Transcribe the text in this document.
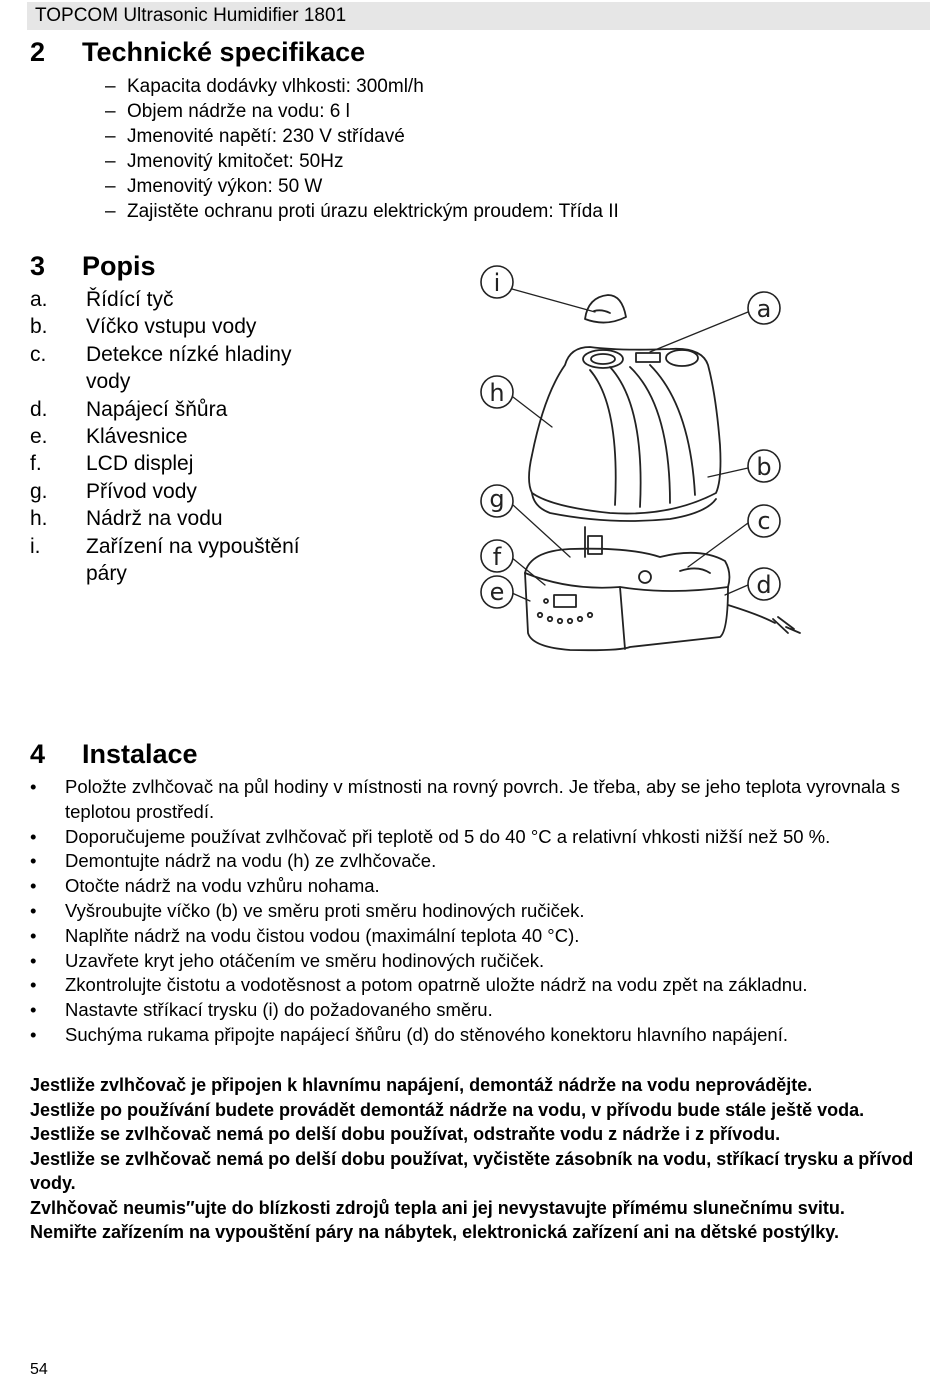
TOPCOM Ultrasonic Humidifier 1801
2 Technické specifikace
– Kapacita dodávky vlhkosti: 300ml/h
– Objem nádrže na vodu: 6 l
– Jmenovité napětí: 230 V střídavé
– Jmenovitý kmitočet: 50Hz
– Jmenovitý výkon: 50 W
– Zajistěte ochranu proti úrazu elektrickým proudem: Třída II
3 Popis
a. Řídící tyč
b. Víčko vstupu vody
c. Detekce nízké hladiny vody
d. Napájecí šňůra
e. Klávesnice
f. LCD displej
g. Přívod vody
h. Nádrž na vodu
i. Zařízení na vypouštění páry
i
a
h
b
g
c
f
d
e
4 Instalace
• Položte zvlhčovač na půl hodiny v místnosti na rovný povrch. Je třeba, aby se jeho teplota vyrovnala s teplotou prostředí.
• Doporučujeme používat zvlhčovač při teplotě od 5 do 40 °C a relativní vhkosti nižší než 50 %.
• Demontujte nádrž na vodu (h) ze zvlhčovače.
• Otočte nádrž na vodu vzhůru nohama.
• Vyšroubujte víčko (b) ve směru proti směru hodinových ručiček.
• Naplňte nádrž na vodu čistou vodou (maximální teplota 40 °C).
• Uzavřete kryt jeho otáčením ve směru hodinových ručiček.
• Zkontrolujte čistotu a vodotěsnost a potom opatrně uložte nádrž na vodu zpět na základnu.
• Nastavte stříkací trysku (i) do požadovaného směru.
• Suchýma rukama připojte napájecí šňůru (d) do stěnového konektoru hlavního napájení.

Jestliže zvlhčovač je připojen k hlavnímu napájení, demontáž nádrže na vodu neprovádějte.

Jestliže po používání budete provádět demontáž nádrže na vodu, v přívodu bude stále ještě voda.

Jestliže se zvlhčovač nemá po delší dobu používat, odstraňte vodu z nádrže i z přívodu.

Jestliže se zvlhčovač nemá po delší dobu používat, vyčistěte zásobník na vodu, stříkací trysku a přívod vody.

Zvlhčovač neumis″ujte do blízkosti zdrojů tepla ani jej nevystavujte přímému slunečnímu svitu.

Nemiřte zařízením na vypouštění páry na nábytek, elektronická zařízení ani na dětské postýlky.

54
